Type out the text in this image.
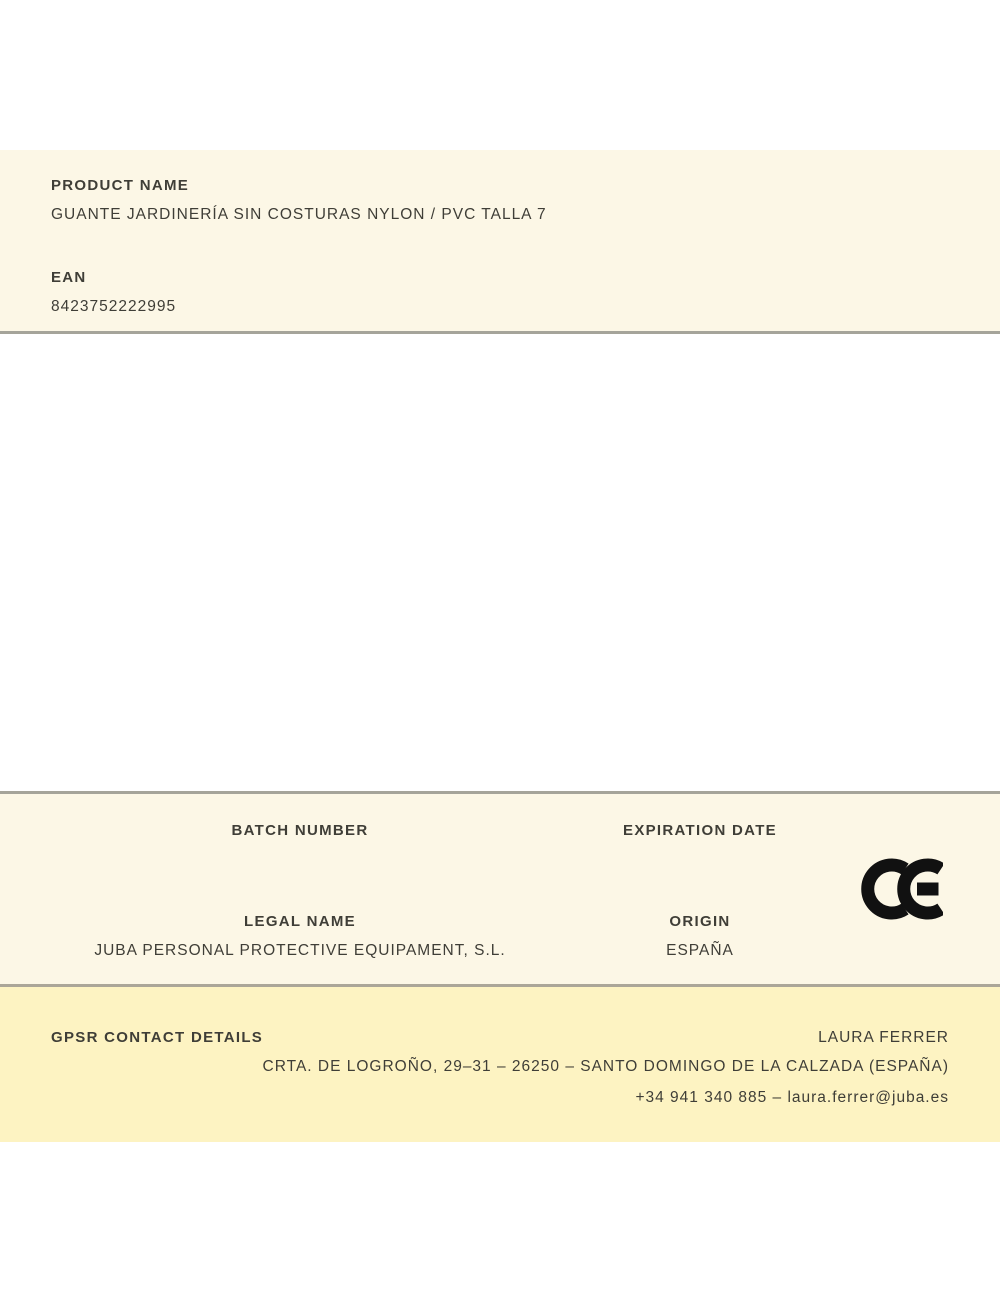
PRODUCT NAME
GUANTE JARDINERÍA SIN COSTURAS NYLON / PVC TALLA 7
EAN
8423752222995
BATCH NUMBER
LEGAL NAME
JUBA PERSONAL PROTECTIVE EQUIPAMENT, S.L.
EXPIRATION DATE
ORIGIN
ESPAÑA
GPSR CONTACT DETAILS	LAURA FERRER
CRTA. DE LOGROÑO, 29–31 – 26250 – SANTO DOMINGO DE LA CALZADA (ESPAÑA)
+34 941 340 885 – laura.ferrer@juba.es
